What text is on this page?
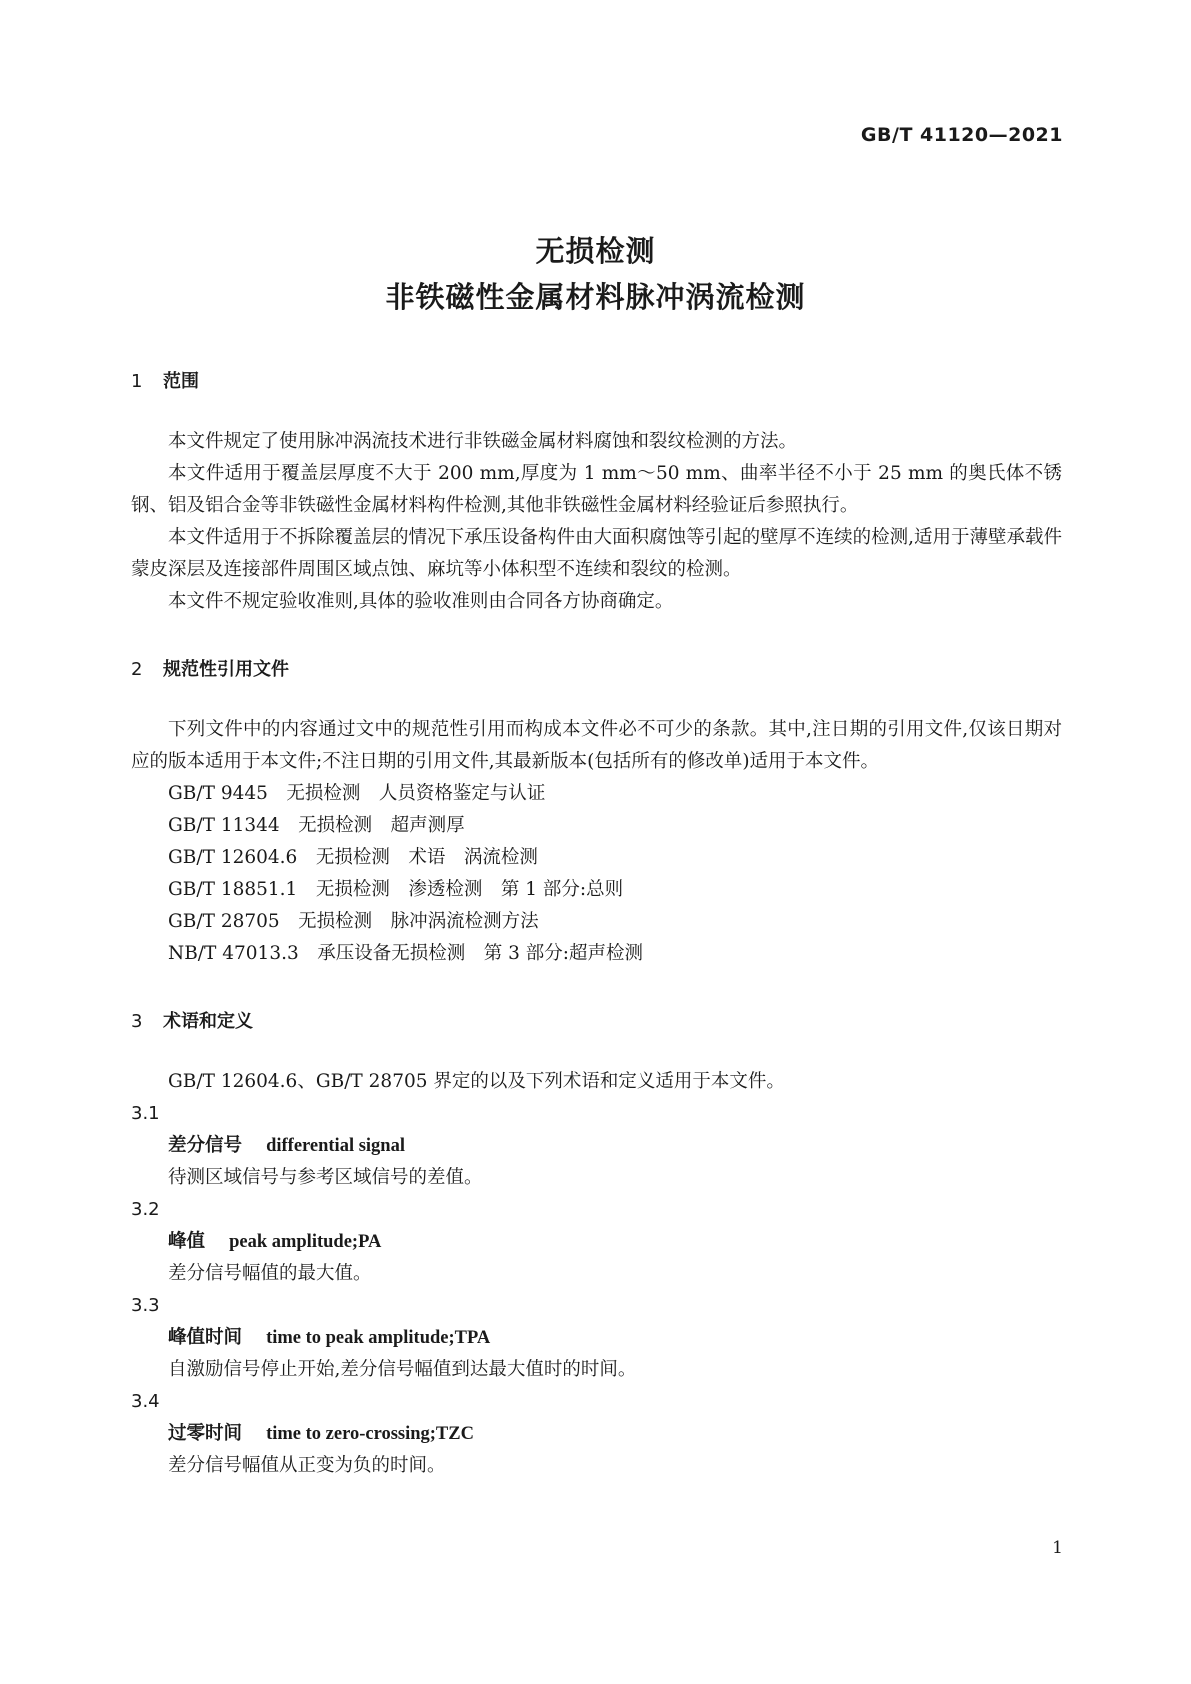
GB/T 41120—2021
无损检测
非铁磁性金属材料脉冲涡流检测
1 范围

本文件规定了使用脉冲涡流技术进行非铁磁金属材料腐蚀和裂纹检测的方法。

本文件适用于覆盖层厚度不大于 200 mm,厚度为 1 mm～50 mm、曲率半径不小于 25 mm 的奥氏体不锈钢、铝及铝合金等非铁磁性金属材料构件检测,其他非铁磁性金属材料经验证后参照执行。

本文件适用于不拆除覆盖层的情况下承压设备构件由大面积腐蚀等引起的壁厚不连续的检测,适用于薄壁承载件蒙皮深层及连接部件周围区域点蚀、麻坑等小体积型不连续和裂纹的检测。

本文件不规定验收准则,具体的验收准则由合同各方协商确定。

2 规范性引用文件

下列文件中的内容通过文中的规范性引用而构成本文件必不可少的条款。其中,注日期的引用文件,仅该日期对应的版本适用于本文件;不注日期的引用文件,其最新版本(包括所有的修改单)适用于本文件。

GB/T 9445　无损检测　人员资格鉴定与认证

GB/T 11344　无损检测　超声测厚

GB/T 12604.6　无损检测　术语　涡流检测

GB/T 18851.1　无损检测　渗透检测　第 1 部分:总则

GB/T 28705　无损检测　脉冲涡流检测方法

NB/T 47013.3　承压设备无损检测　第 3 部分:超声检测

3 术语和定义

GB/T 12604.6、GB/T 28705 界定的以及下列术语和定义适用于本文件。

3.1

差分信号 differential signal

待测区域信号与参考区域信号的差值。

3.2

峰值 peak amplitude;PA

差分信号幅值的最大值。

3.3

峰值时间 time to peak amplitude;TPA

自激励信号停止开始,差分信号幅值到达最大值时的时间。

3.4

过零时间 time to zero-crossing;TZC

差分信号幅值从正变为负的时间。

1
